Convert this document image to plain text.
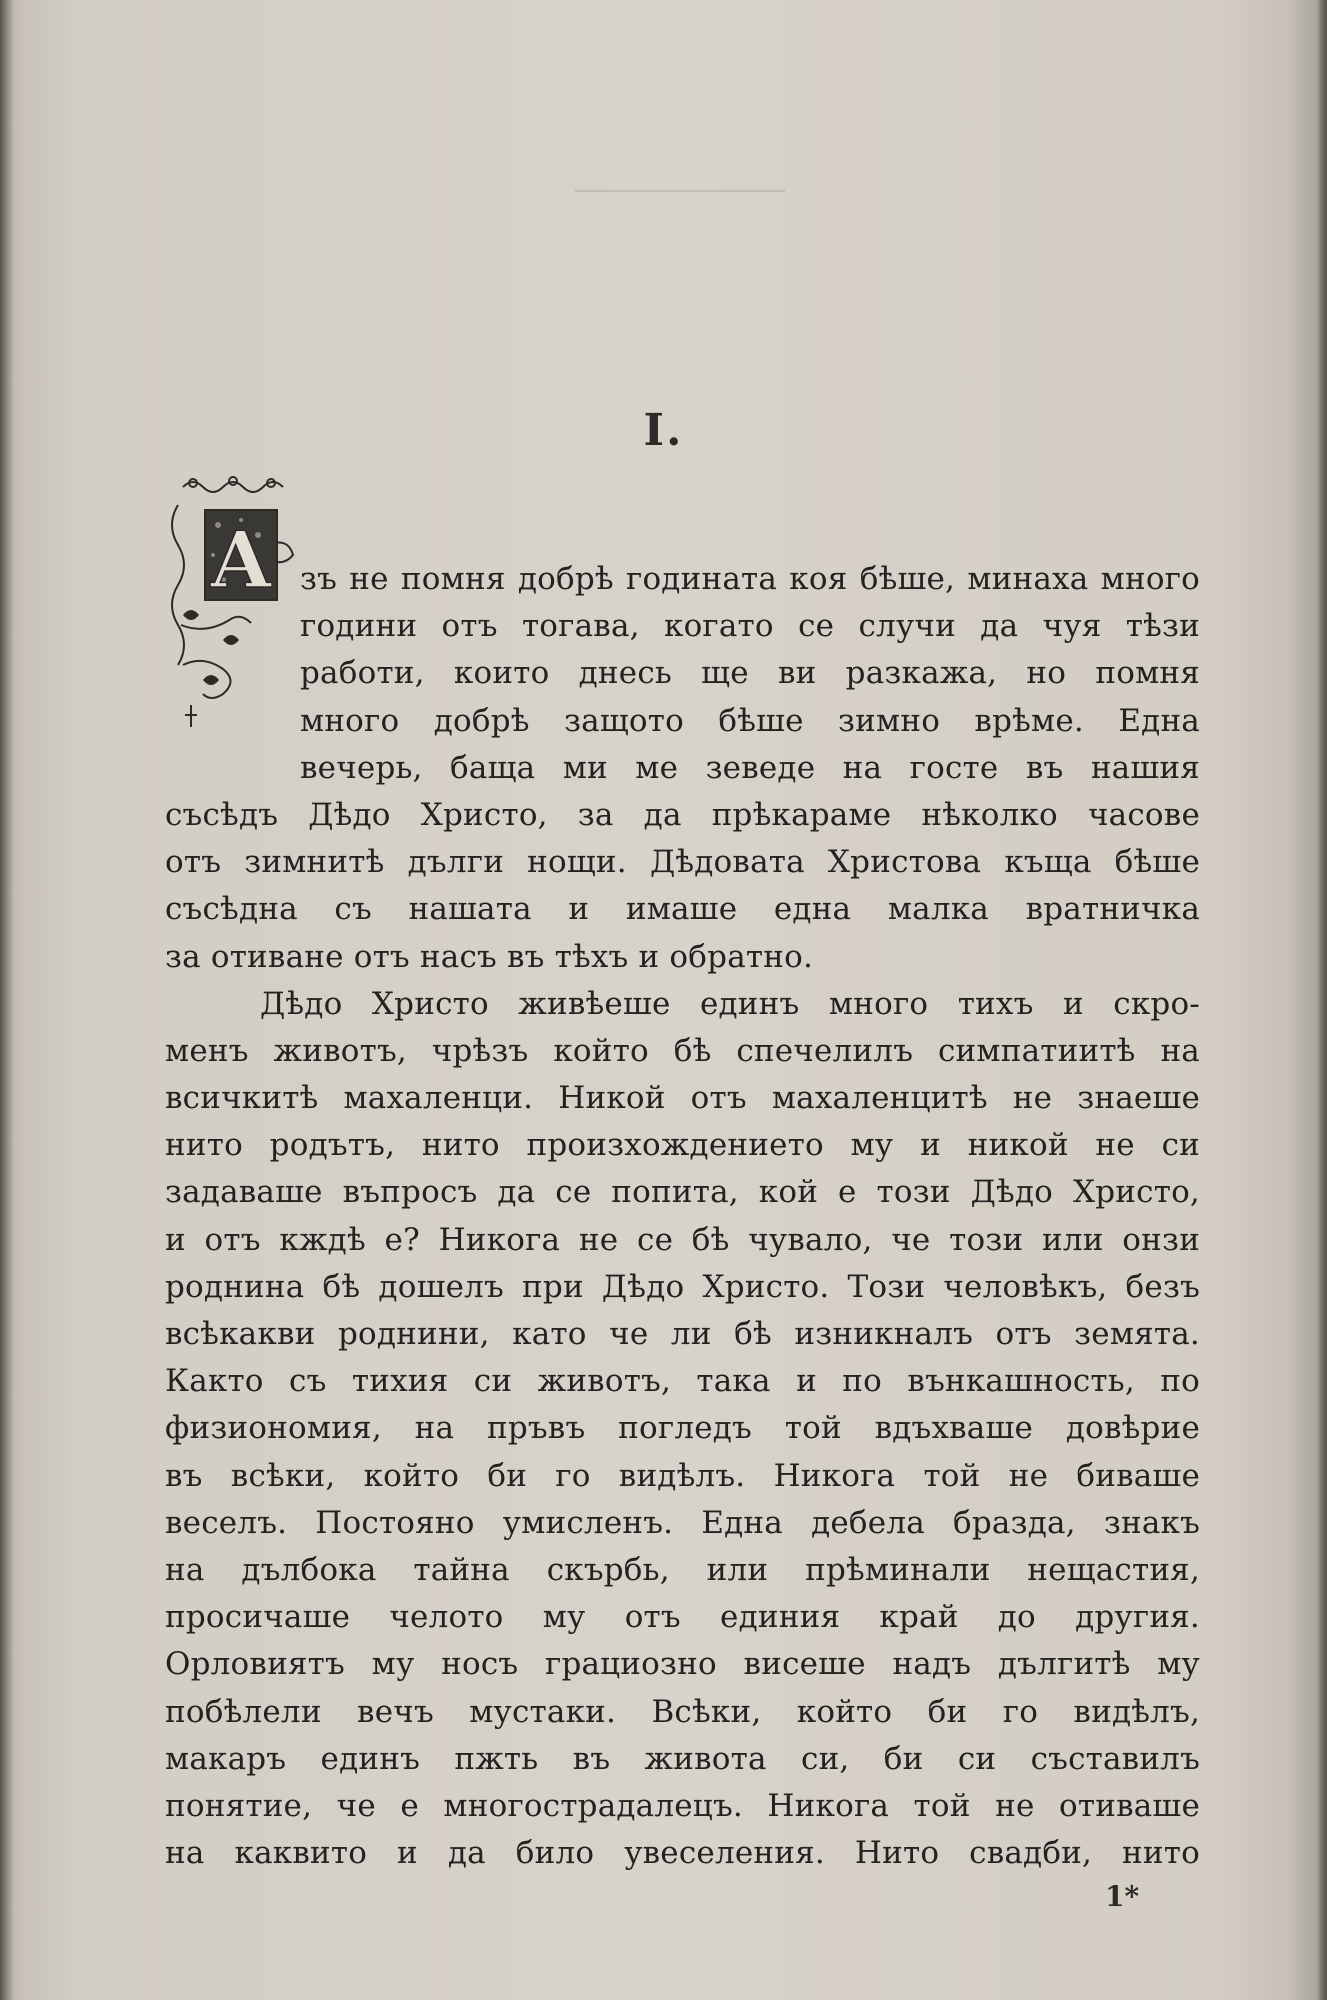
I.
А зъ не помня добрѣ годината коя бѣше, минаха много
години отъ тогава, когато се случи да чуя тѣзи
работи, които днесь ще ви разкажа, но помня
много добрѣ защото бѣше зимно врѣме. Една
вечерь, баща ми ме зеведе на госте въ нашия
съсѣдъ Дѣдо Христо, за да прѣкараме нѣколко часове
отъ зимнитѣ дълги нощи. Дѣдовата Христова къща бѣше
съсѣдна съ нашата и имаше една малка вратничка
за отиване отъ насъ въ тѣхъ и обратно.
Дѣдо Христо живѣеше единъ много тихъ и скро-
менъ животъ, чрѣзъ който бѣ спечелилъ симпатиитѣ на
всичкитѣ махаленци. Никой отъ махаленцитѣ не знаеше
нито родътъ, нито произхождението му и никой не си
задаваше въпросъ да се попита, кой е този Дѣдо Христо,
и отъ кждѣ е? Никога не се бѣ чувало, че този или онзи
роднина бѣ дошелъ при Дѣдо Христо. Този человѣкъ, безъ
всѣкакви роднини, като че ли бѣ изникналъ отъ земята.
Както съ тихия си животъ, така и по вънкашность, по
физиономия, на пръвъ погледъ той вдъхваше довѣрие
въ всѣки, който би го видѣлъ. Никога той не биваше
веселъ. Постояно умисленъ. Една дебела бразда, знакъ
на дълбока тайна скърбь, или прѣминали нещастия,
просичаше челото му отъ единия край до другия.
Орловиятъ му носъ грациозно висеше надъ дългитѣ му
побѣлели вечъ мустаки. Всѣки, който би го видѣлъ,
макаръ единъ пжть въ живота си, би си съставилъ
понятие, че е многострадалецъ. Никога той не отиваше
на каквито и да било увеселения. Нито свадби, нито
1*
